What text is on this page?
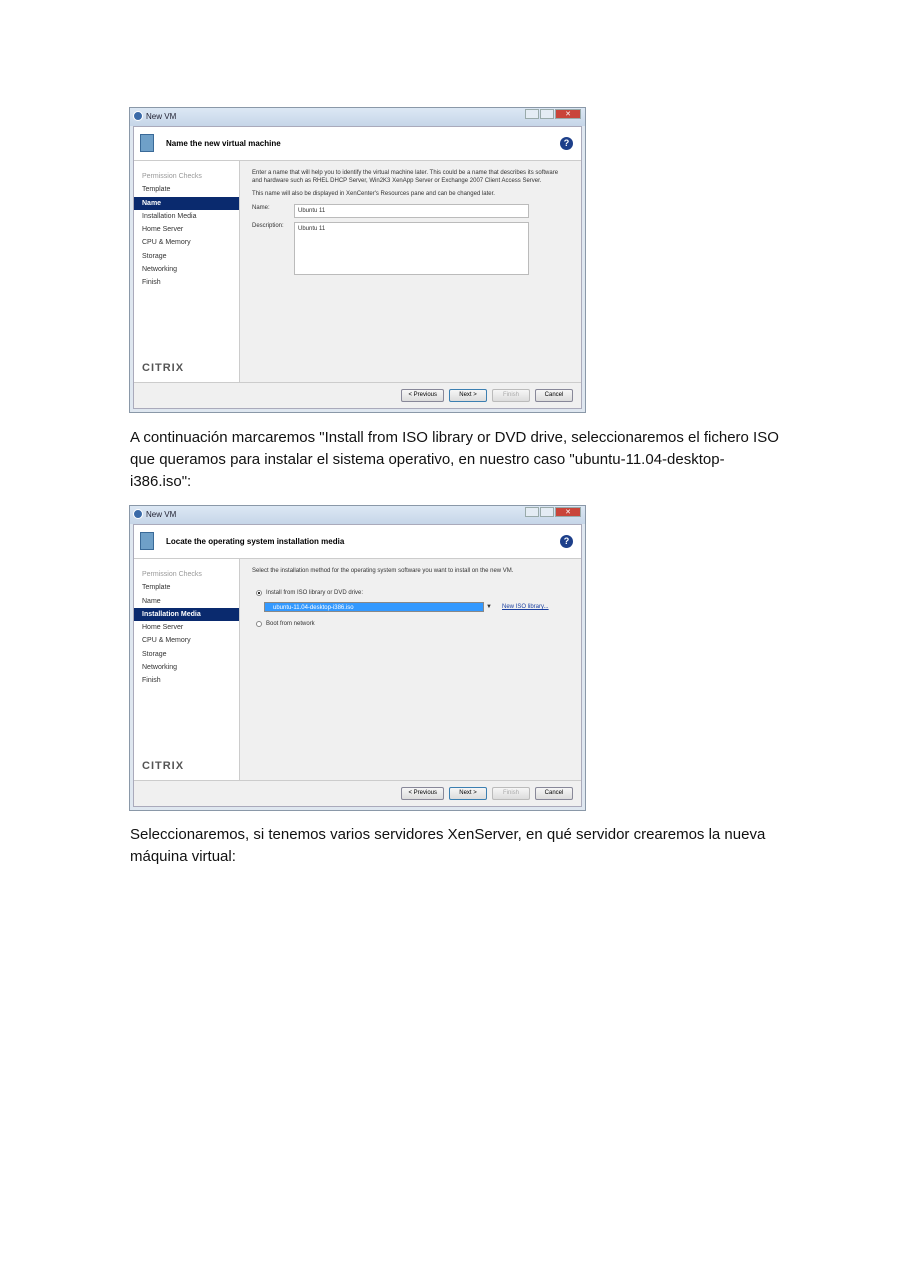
New VM	✕
Name the new virtual machine	?
Permission Checks
Template
Name
Installation Media
Home Server
CPU & Memory
Storage
Networking
Finish
CITRIX

Enter a name that will help you to identify the virtual machine later. This could be a name that describes its software and hardware such as RHEL DHCP Server, Win2K3 XenApp Server or Exchange 2007 Client Access Server.

This name will also be displayed in XenCenter's Resources pane and can be changed later.

Name:	Ubuntu 11
Description:	Ubuntu 11
< Previous	Next >	Finish	Cancel

A continuación marcaremos "Install from ISO library or DVD drive, seleccionaremos el fichero ISO que queramos para instalar el sistema operativo, en nuestro caso "ubuntu-11.04-desktop-i386.iso":

New VM	✕
Locate the operating system installation media	?
Permission Checks
Template
Name
Installation Media
Home Server
CPU & Memory
Storage
Networking
Finish
CITRIX

Select the installation method for the operating system software you want to install on the new VM.

Install from ISO library or DVD drive:
ubuntu-11.04-desktop-i386.iso	▼	New ISO library...
Boot from network
< Previous	Next >	Finish	Cancel

Seleccionaremos, si tenemos varios servidores XenServer, en qué servidor crearemos la nueva máquina virtual:
